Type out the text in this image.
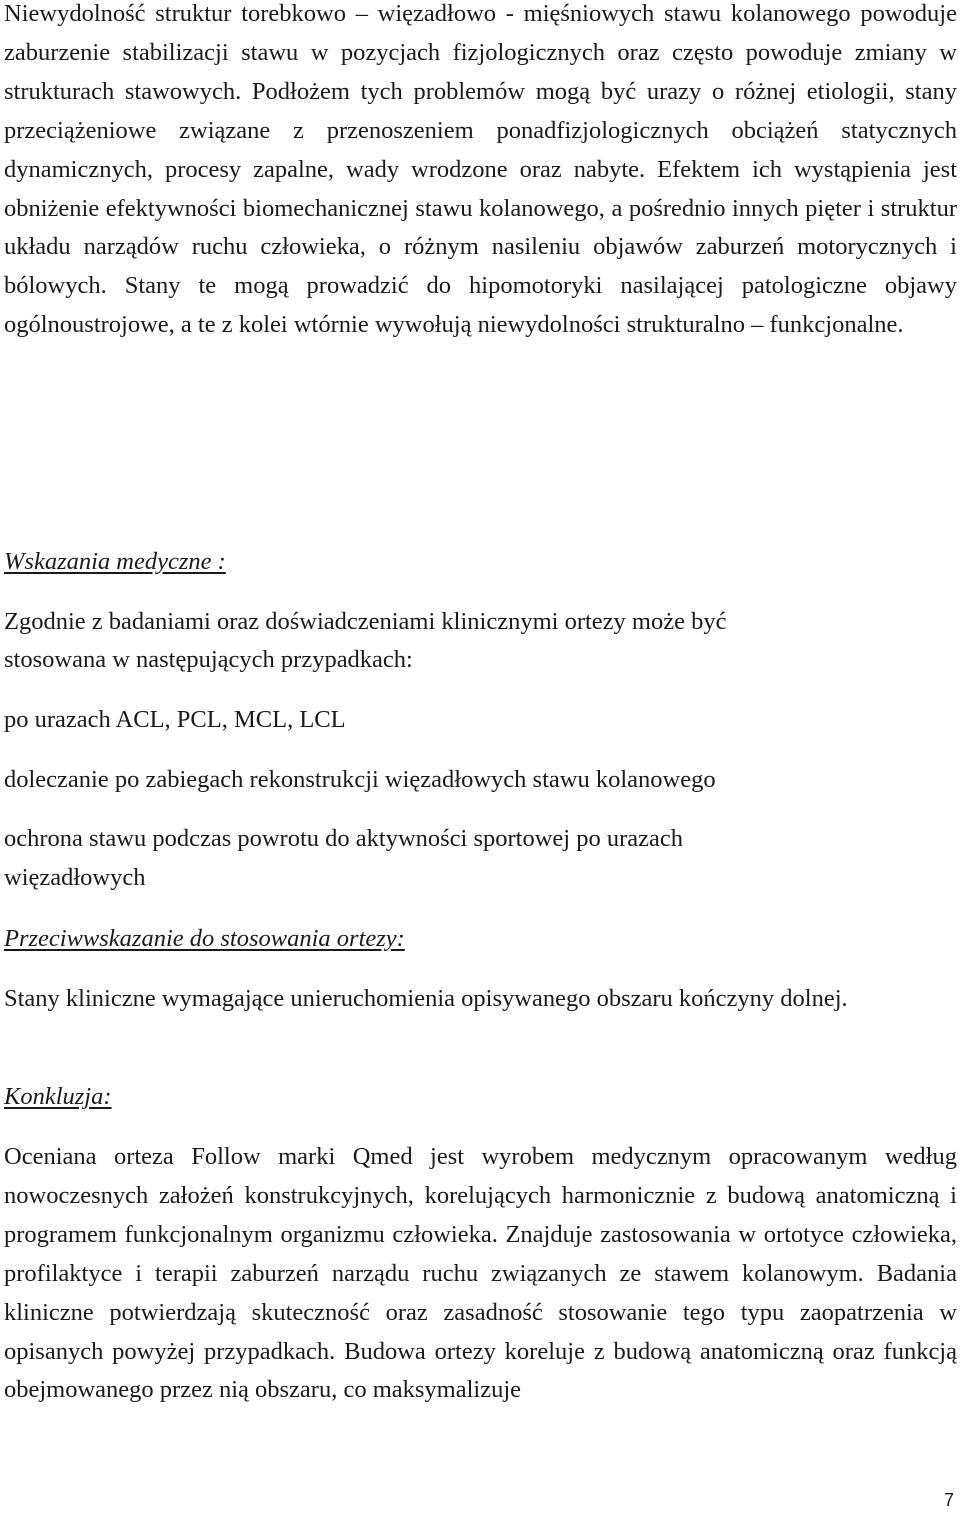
Niewydolność struktur torebkowo – więzadłowo - mięśniowych stawu kolanowego powoduje zaburzenie stabilizacji stawu w pozycjach fizjologicznych oraz często powoduje zmiany w strukturach stawowych. Podłożem tych problemów mogą być urazy o różnej etiologii, stany przeciążeniowe związane z przenoszeniem ponadfizjologicznych obciążeń statycznych dynamicznych, procesy zapalne, wady wrodzone oraz nabyte. Efektem ich wystąpienia jest obniżenie efektywności biomechanicznej stawu kolanowego, a pośrednio innych pięter i struktur układu narządów ruchu człowieka, o różnym nasileniu objawów zaburzeń motorycznych i bólowych. Stany te mogą prowadzić do hipomotoryki nasilającej patologiczne objawy ogólnoustrojowe, a te z kolei wtórnie wywołują niewydolności strukturalno – funkcjonalne.

Wskazania medyczne :

Zgodnie z badaniami oraz doświadczeniami klinicznymi ortezy może być

stosowana w następujących przypadkach:

po urazach ACL, PCL, MCL, LCL

doleczanie po zabiegach rekonstrukcji więzadłowych stawu kolanowego

ochrona stawu podczas powrotu do aktywności sportowej po urazach

więzadłowych

Przeciwwskazanie do stosowania ortezy:

Stany kliniczne wymagające unieruchomienia opisywanego obszaru kończyny dolnej.

Konkluzja:

Oceniana orteza Follow marki Qmed jest wyrobem medycznym opracowanym według nowoczesnych założeń konstrukcyjnych, korelujących harmonicznie z budową anatomiczną i programem funkcjonalnym organizmu człowieka. Znajduje zastosowania w ortotyce człowieka, profilaktyce i terapii zaburzeń narządu ruchu związanych ze stawem kolanowym. Badania kliniczne potwierdzają skuteczność oraz zasadność stosowanie tego typu zaopatrzenia w opisanych powyżej przypadkach. Budowa ortezy koreluje z budową anatomiczną oraz funkcją obejmowanego przez nią obszaru, co maksymalizuje

7
